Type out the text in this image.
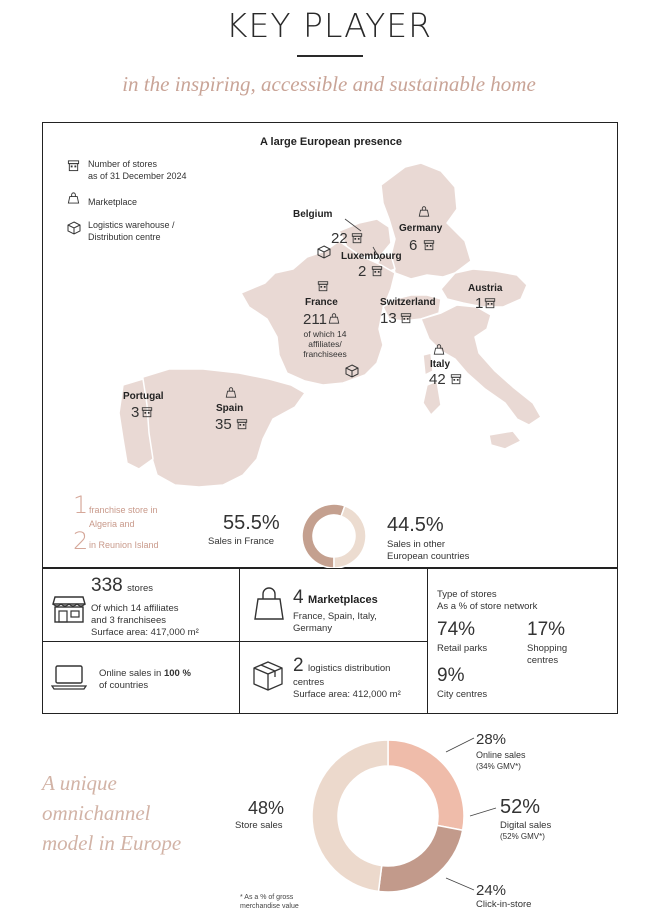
KEY PLAYER
in the inspiring, accessible and sustainable home
A large European presence
Number of stores
as of 31 December 2024
Marketplace
Logistics warehouse /
Distribution centre
Belgium
22
Germany
6
Luxembourg
2
Austria
1
France
211
of which 14
affiliates/
franchisees
Switzerland
13
Italy
42
Portugal
3	Spain
35
1 franchise store in
Algeria and
2 in Reunion Island
55.5%
Sales in France
44.5%
Sales in other
European countries
338 stores
Of which 14 affiliates
and 3 franchisees
Surface area: 417,000 m²
4 Marketplaces
France, Spain, Italy,
Germany
Type of stores
As a % of store network
74%
Retail parks
17%
Shopping
centres
9%
City centres
Online sales in 100 %
of countries
2 logistics distribution
centres
Surface area: 412,000 m²
A unique
omnichannel
model in Europe
48%
Store sales
28%
Online sales
(34% GMV*)
52%
Digital sales
(52% GMV*)
24%
Click-in-store
* As a % of gross
merchandise value
